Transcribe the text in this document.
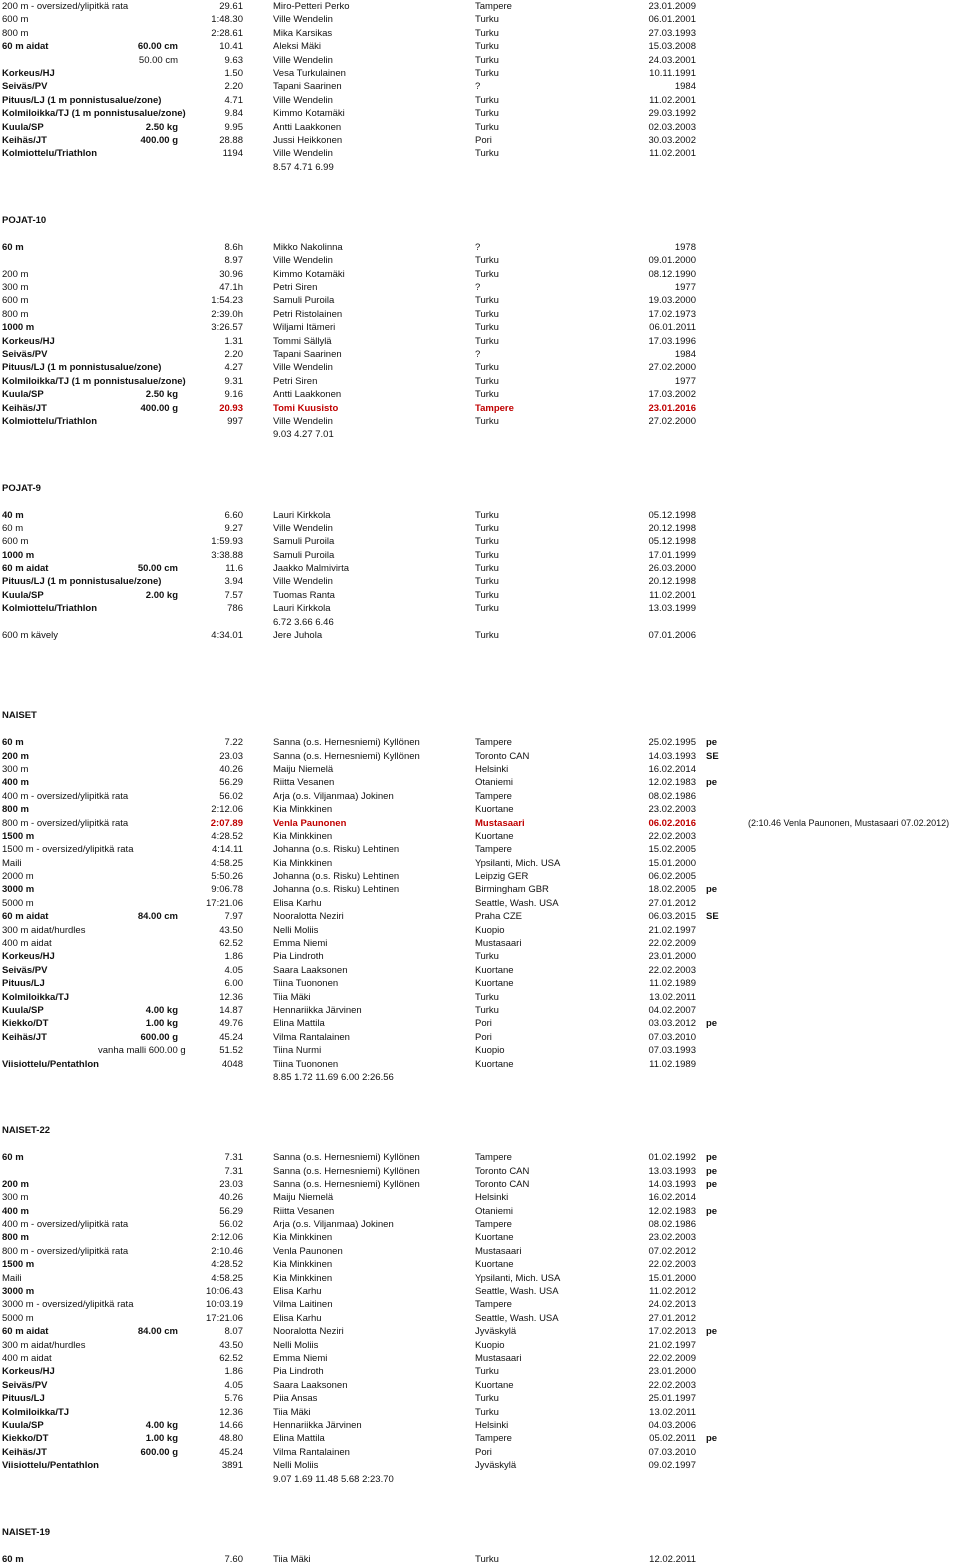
200 m - oversized/ylipitkä rata	29.61	Miro-Petteri Perko	Tampere	23.01.2009
600 m	1:48.30	Ville Wendelin	Turku	06.01.2001
800 m	2:28.61	Mika Karsikas	Turku	27.03.1993
60 m aidat	60.00 cm	10.41	Aleksi Mäki	Turku	15.03.2008
50.00 cm	9.63	Ville Wendelin	Turku	24.03.2001
Korkeus/HJ	1.50	Vesa Turkulainen	Turku	10.11.1991
Seiväs/PV	2.20	Tapani Saarinen	?	1984
Pituus/LJ (1 m ponnistusalue/zone)	4.71	Ville Wendelin	Turku	11.02.2001
Kolmiloikka/TJ (1 m ponnistusalue/zone)	9.84	Kimmo Kotamäki	Turku	29.03.1992
Kuula/SP	2.50 kg	9.95	Antti Laakkonen	Turku	02.03.2003
Keihäs/JT	400.00 g	28.88	Jussi Heikkonen	Pori	30.03.2002
Kolmiottelu/Triathlon	1194	Ville Wendelin	Turku	11.02.2001
8.57 4.71 6.99
POJAT-10
60 m	8.6h	Mikko Nakolinna	?	1978
8.97	Ville Wendelin	Turku	09.01.2000
200 m	30.96	Kimmo Kotamäki	Turku	08.12.1990
300 m	47.1h	Petri Siren	?	1977
600 m	1:54.23	Samuli Puroila	Turku	19.03.2000
800 m	2:39.0h	Petri Ristolainen	Turku	17.02.1973
1000 m	3:26.57	Wiljami Itämeri	Turku	06.01.2011
Korkeus/HJ	1.31	Tommi Sällylä	Turku	17.03.1996
Seiväs/PV	2.20	Tapani Saarinen	?	1984
Pituus/LJ (1 m ponnistusalue/zone)	4.27	Ville Wendelin	Turku	27.02.2000
Kolmiloikka/TJ (1 m ponnistusalue/zone)	9.31	Petri Siren	Turku	1977
Kuula/SP	2.50 kg	9.16	Antti Laakkonen	Turku	17.03.2002
Keihäs/JT	400.00 g	20.93	Tomi Kuusisto	Tampere	23.01.2016
Kolmiottelu/Triathlon	997	Ville Wendelin	Turku	27.02.2000
9.03 4.27 7.01
POJAT-9
40 m	6.60	Lauri Kirkkola	Turku	05.12.1998
60 m	9.27	Ville Wendelin	Turku	20.12.1998
600 m	1:59.93	Samuli Puroila	Turku	05.12.1998
1000 m	3:38.88	Samuli Puroila	Turku	17.01.1999
60 m aidat	50.00 cm	11.6	Jaakko Malmivirta	Turku	26.03.2000
Pituus/LJ (1 m ponnistusalue/zone)	3.94	Ville Wendelin	Turku	20.12.1998
Kuula/SP	2.00 kg	7.57	Tuomas Ranta	Turku	11.02.2001
Kolmiottelu/Triathlon	786	Lauri Kirkkola	Turku	13.03.1999
6.72 3.66 6.46
600 m kävely	4:34.01	Jere Juhola	Turku	07.01.2006
NAISET
60 m	7.22	Sanna (o.s. Hernesniemi) Kyllönen	Tampere	25.02.1995 pe
200 m	23.03	Sanna (o.s. Hernesniemi) Kyllönen	Toronto CAN	14.03.1993 SE
300 m	40.26	Maiju Niemelä	Helsinki	16.02.2014
400 m	56.29	Riitta Vesanen	Otaniemi	12.02.1983 pe
400 m - oversized/ylipitkä rata	56.02	Arja (o.s. Viljanmaa) Jokinen	Tampere	08.02.1986
800 m	2:12.06	Kia Minkkinen	Kuortane	23.02.2003
800 m - oversized/ylipitkä rata	2:07.89	Venla Paunonen	Mustasaari	06.02.2016	(2:10.46 Venla Paunonen, Mustasaari 07.02.2012)
1500 m	4:28.52	Kia Minkkinen	Kuortane	22.02.2003
1500 m - oversized/ylipitkä rata	4:14.11	Johanna (o.s. Risku) Lehtinen	Tampere	15.02.2005
Maili	4:58.25	Kia Minkkinen	Ypsilanti, Mich. USA	15.01.2000
2000 m	5:50.26	Johanna (o.s. Risku) Lehtinen	Leipzig GER	06.02.2005
3000 m	9:06.78	Johanna (o.s. Risku) Lehtinen	Birmingham GBR	18.02.2005 pe
5000 m	17:21.06	Elisa Karhu	Seattle, Wash. USA	27.01.2012
60 m aidat	84.00 cm	7.97	Nooralotta Neziri	Praha CZE	06.03.2015 SE
300 m aidat/hurdles	43.50	Nelli Moliis	Kuopio	21.02.1997
400 m aidat	62.52	Emma Niemi	Mustasaari	22.02.2009
Korkeus/HJ	1.86	Pia Lindroth	Turku	23.01.2000
Seiväs/PV	4.05	Saara Laaksonen	Kuortane	22.02.2003
Pituus/LJ	6.00	Tiina Tuononen	Kuortane	11.02.1989
Kolmiloikka/TJ	12.36	Tiia Mäki	Turku	13.02.2011
Kuula/SP	4.00 kg	14.87	Hennariikka Järvinen	Turku	04.02.2007
Kiekko/DT	1.00 kg	49.76	Elina Mattila	Pori	03.03.2012 pe
Keihäs/JT	600.00 g	45.24	Vilma Rantalainen	Pori	07.03.2010
vanha malli 600.00 g	51.52	Tiina Nurmi	Kuopio	07.03.1993
Viisiottelu/Pentathlon	4048	Tiina Tuononen	Kuortane	11.02.1989
8.85 1.72 11.69 6.00 2:26.56
NAISET-22
60 m	7.31	Sanna (o.s. Hernesniemi) Kyllönen	Tampere	01.02.1992 pe
7.31	Sanna (o.s. Hernesniemi) Kyllönen	Toronto CAN	13.03.1993 pe
200 m	23.03	Sanna (o.s. Hernesniemi) Kyllönen	Toronto CAN	14.03.1993 pe
300 m	40.26	Maiju Niemelä	Helsinki	16.02.2014
400 m	56.29	Riitta Vesanen	Otaniemi	12.02.1983 pe
400 m - oversized/ylipitkä rata	56.02	Arja (o.s. Viljanmaa) Jokinen	Tampere	08.02.1986
800 m	2:12.06	Kia Minkkinen	Kuortane	23.02.2003
800 m - oversized/ylipitkä rata	2:10.46	Venla Paunonen	Mustasaari	07.02.2012
1500 m	4:28.52	Kia Minkkinen	Kuortane	22.02.2003
Maili	4:58.25	Kia Minkkinen	Ypsilanti, Mich. USA	15.01.2000
3000 m	10:06.43	Elisa Karhu	Seattle, Wash. USA	11.02.2012
3000 m - oversized/ylipitkä rata	10:03.19	Vilma Laitinen	Tampere	24.02.2013
5000 m	17:21.06	Elisa Karhu	Seattle, Wash. USA	27.01.2012
60 m aidat	84.00 cm	8.07	Nooralotta Neziri	Jyväskylä	17.02.2013 pe
300 m aidat/hurdles	43.50	Nelli Moliis	Kuopio	21.02.1997
400 m aidat	62.52	Emma Niemi	Mustasaari	22.02.2009
Korkeus/HJ	1.86	Pia Lindroth	Turku	23.01.2000
Seiväs/PV	4.05	Saara Laaksonen	Kuortane	22.02.2003
Pituus/LJ	5.76	Piia Ansas	Turku	25.01.1997
Kolmiloikka/TJ	12.36	Tiia Mäki	Turku	13.02.2011
Kuula/SP	4.00 kg	14.66	Hennariikka Järvinen	Helsinki	04.03.2006
Kiekko/DT	1.00 kg	48.80	Elina Mattila	Tampere	05.02.2011 pe
Keihäs/JT	600.00 g	45.24	Vilma Rantalainen	Pori	07.03.2010
Viisiottelu/Pentathlon	3891	Nelli Moliis	Jyväskylä	09.02.1997
9.07 1.69 11.48 5.68 2:23.70
NAISET-19
60 m	7.60	Tiia Mäki	Turku	12.02.2011
